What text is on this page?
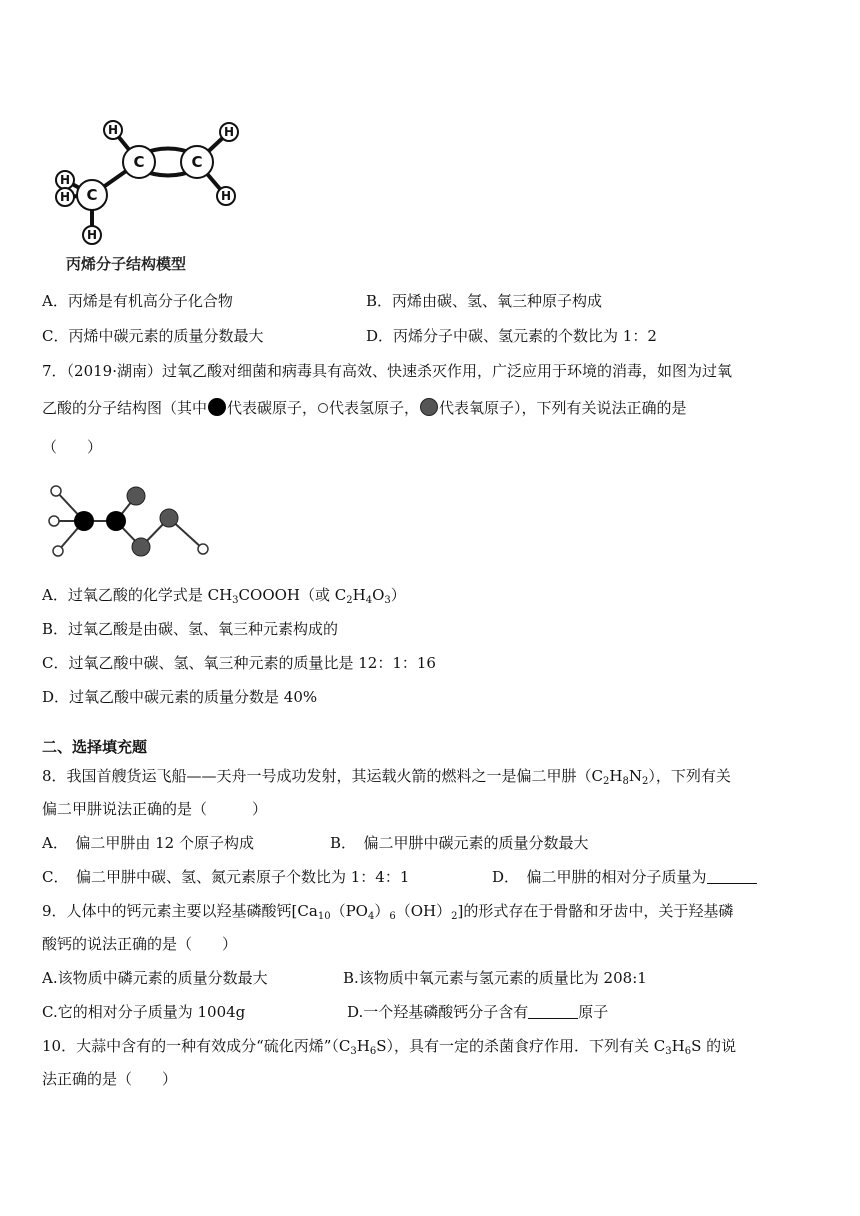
H	H
H
H
H
H
C	C
C
丙烯分子结构模型
A．丙烯是有机高分子化合物	B．丙烯由碳、氢、氧三种原子构成
C．丙烯中碳元素的质量分数最大	D．丙烯分子中碳、氢元素的个数比为 1：2
7．（2019·湖南）过氧乙酸对细菌和病毒具有高效、快速杀灭作用，广泛应用于环境的消毒，如图为过氧
乙酸的分子结构图（其中 代表碳原子， 代表氢原子， 代表氧原子），下列有关说法正确的是
（　　）
A．过氧乙酸的化学式是 $CH_3COOOH$（或 $C_2H_4O_3$）
B．过氧乙酸是由碳、氢、氧三种元素构成的
C．过氧乙酸中碳、氢、氧三种元素的质量比是 12：1：16
D．过氧乙酸中碳元素的质量分数是 40%
二、选择填充题
8．我国首艘货运飞船——天舟一号成功发射，其运载火箭的燃料之一是偏二甲肼$(C_2H_8N_2)$，下列有关
偏二甲肼说法正确的是（　　　）
A．　偏二甲肼由 12 个原子构成	B．　偏二甲肼中碳元素的质量分数最大
C．　偏二甲肼中碳、氢、氮元素原子个数比为 1：4：1	D．　偏二甲肼的相对分子质量为
9．人体中的钙元素主要以羟基磷酸钙$[Ca_{10}(PO_4)_6(OH)_2]$的形式存在于骨骼和牙齿中，关于羟基磷
酸钙的说法正确的是（　　）
A.该物质中磷元素的质量分数最大	B.该物质中氧元素与氢元素的质量比为 208:1
C.它的相对分子质量为 1004g	D.一个羟基磷酸钙分子含有	原子
10．大蒜中含有的一种有效成分“硫化丙烯$”(C_3H_6S)$，具有一定的杀菌食疗作用．下列有关 $C_3H_6S$ 的说
法正确的是（　　）
